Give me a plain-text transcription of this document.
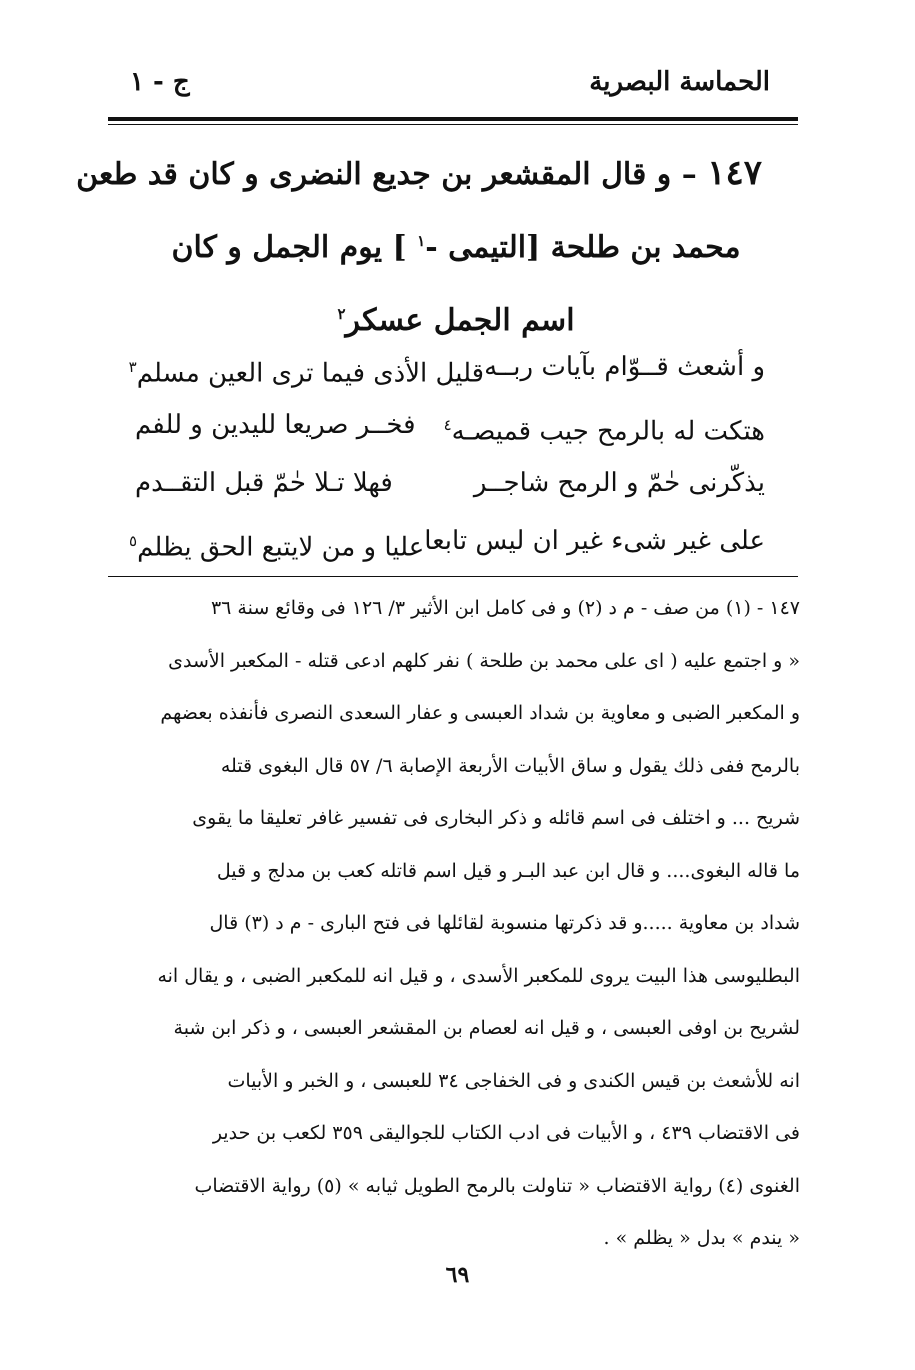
الحماسة البصرية
ج - ١
١٤٧ – و قال المقشعر بن جديع النضرى و كان قد طعن
محمد بن طلحة [التيمى -$^١$ ] يوم الجمل و كان
اسم الجمل عسكر$^٢$
و أشعث قــوّام بآيات ربــه
قليل الأذى فيما ترى العين مسلم$^٣$
هتكت له بالرمح جيب قميصـه$^٤$
فخــر صريعا لليدين و للفم
يذكّرنى حٰمّ و الرمح شاجــر
فهلا تـلا حٰمّ قبل التقــدم
على غير شىء غير ان ليس تابعا
عليا و من لايتبع الحق يظلم$^٥$
١٤٧ - (١) من صف - م د (٢) و فى كامل ابن الأثير ٣/ ١٢٦ فى وقائع سنة ٣٦
« و اجتمع عليه ( اى على محمد بن طلحة ) نفر كلهم ادعى قتله - المكعبر الأسدى
و المكعبر الضبى و معاوية بن شداد العبسى و عفار السعدى النصرى فأنفذه بعضهم
بالرمح ففى ذلك يقول و ساق الأبيات الأربعة الإصابة ٦/ ٥٧ قال البغوى قتله
شريح ... و اختلف فى اسم قائله و ذكر البخارى فى تفسير غافر تعليقا ما يقوى
ما قاله البغوى.... و قال ابن عبد البـر و قيل اسم قاتله كعب بن مدلج و قيل
شداد بن معاوية .....و قد ذكرتها منسوبة لقائلها فى فتح البارى - م د (٣) قال
البطليوسى هذا البيت يروى للمكعبر الأسدى ، و قيل انه للمكعبر الضبى ، و يقال انه
لشريح بن اوفى العبسى ، و قيل انه لعصام بن المقشعر العبسى ، و ذكر ابن شبة
انه للأشعث بن قيس الكندى و فى الخفاجى ٣٤ للعبسى ، و الخبر و الأبيات
فى الاقتضاب ٤٣٩ ، و الأبيات فى ادب الكتاب للجواليقى ٣٥٩ لكعب بن حدير
الغنوى (٤) رواية الاقتضاب « تناولت بالرمح الطويل ثيابه » (٥) رواية الاقتضاب
« يندم » بدل « يظلم » .
٦٩
